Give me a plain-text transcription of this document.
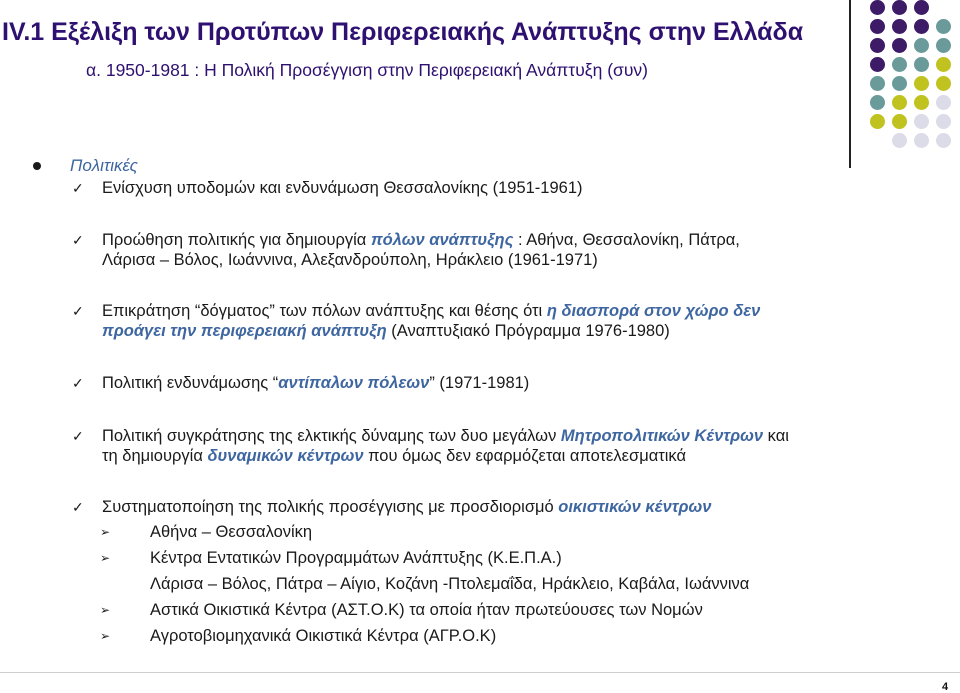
IV.1 Εξέλιξη των Προτύπων Περιφερειακής Ανάπτυξης στην Ελλάδα

α. 1950-1981 : Η Πολική Προσέγγιση στην Περιφερειακή Ανάπτυξη (συν)

Πολιτικές
✓ Ενίσχυση υποδομών και ενδυνάμωση Θεσσαλονίκης (1951-1961)
✓ Προώθηση πολιτικής για δημιουργία πόλων ανάπτυξης : Αθήνα, Θεσσαλονίκη, Πάτρα,
Λάρισα – Βόλος, Ιωάννινα, Αλεξανδρούπολη, Ηράκλειο (1961-1971)
✓ Επικράτηση “δόγματος” των πόλων ανάπτυξης και θέσης ότι η διασπορά στον χώρο δεν
προάγει την περιφερειακή ανάπτυξη (Αναπτυξιακό Πρόγραμμα 1976-1980)
✓ Πολιτική ενδυνάμωσης “αντίπαλων πόλεων” (1971-1981)
✓ Πολιτική συγκράτησης της ελκτικής δύναμης των δυο μεγάλων Μητροπολιτικών Κέντρων και
τη δημιουργία δυναμικών κέντρων που όμως δεν εφαρμόζεται αποτελεσματικά
✓ Συστηματοποίηση της πολικής προσέγγισης με προσδιορισμό οικιστικών κέντρων
➢ Αθήνα – Θεσσαλονίκη
➢ Κέντρα Εντατικών Προγραμμάτων Ανάπτυξης (Κ.Ε.Π.Α.)
Λάρισα – Βόλος, Πάτρα – Αίγιο, Κοζάνη -Πτολεμαΐδα, Ηράκλειο, Καβάλα, Ιωάννινα
➢ Αστικά Οικιστικά Κέντρα (ΑΣΤ.Ο.Κ) τα οποία ήταν πρωτεύουσες των Νομών
➢ Αγροτοβιομηχανικά Οικιστικά Κέντρα (ΑΓΡ.Ο.Κ)
4
